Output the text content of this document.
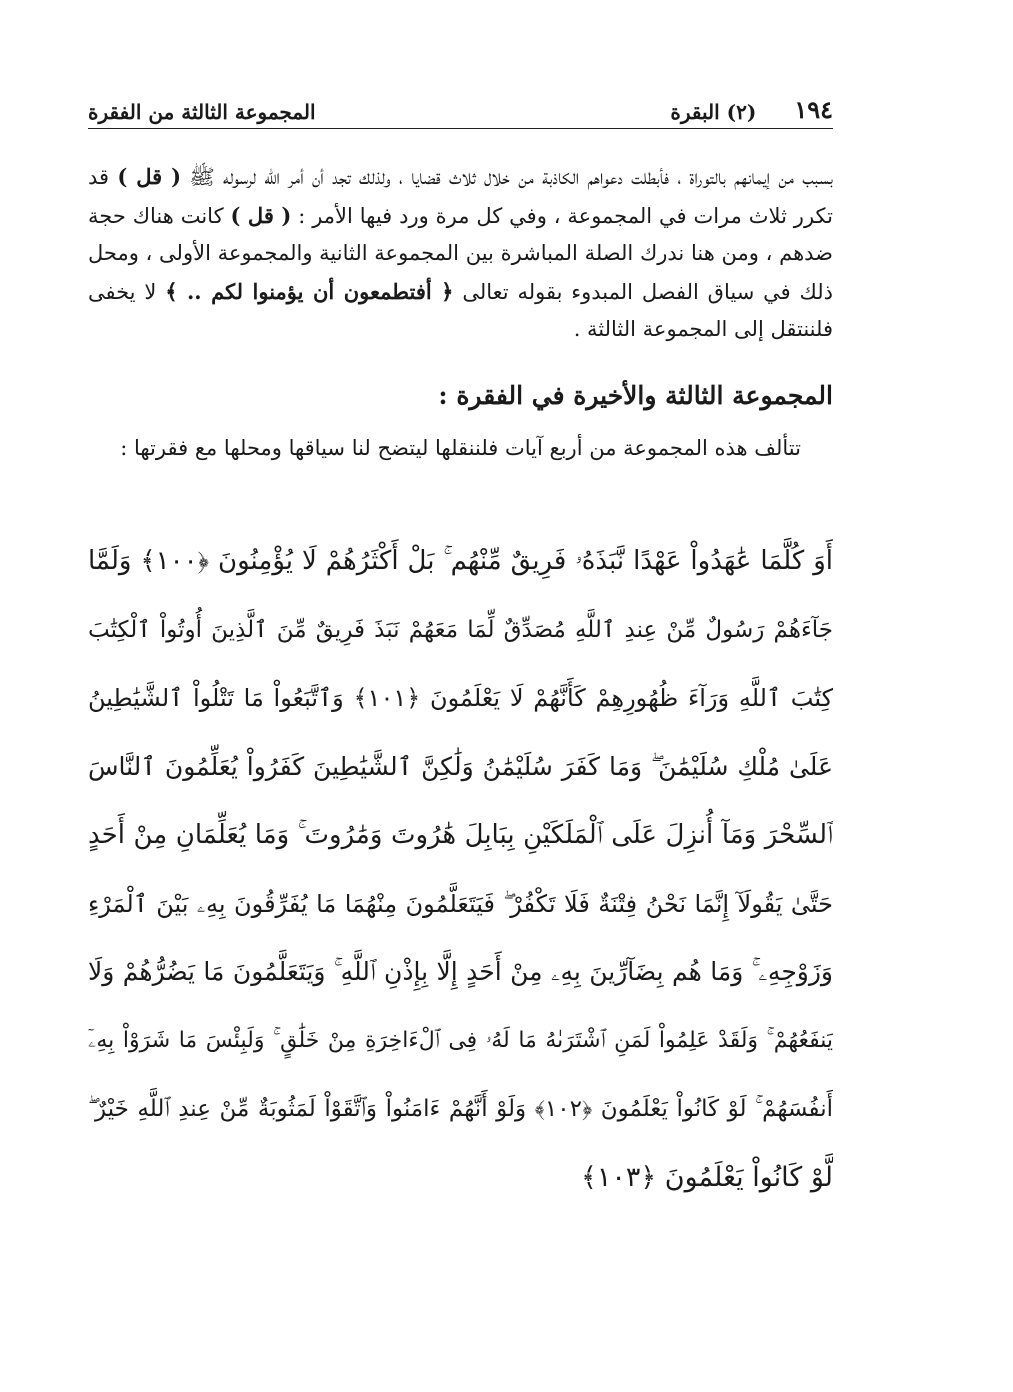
١٩٤
(٢) البقرة
المجموعة الثالثة من الفقرة

بسبب من إيمانهم بالتوراة ، فأبطلت دعواهم الكاذبة من خلال ثلاث قضايا ، ولذلك تجد أن أمر الله لرسوله ﷺ ( قل ) قد تكرر ثلاث مرات في المجموعة ، وفي كل مرة ورد فيها الأمر : ( قل ) كانت هناك حجة ضدهم ، ومن هنا ندرك الصلة المباشرة بين المجموعة الثانية والمجموعة الأولى ، ومحل ذلك في سياق الفصل المبدوء بقوله تعالى ﴿ أفتطمعون أن يؤمنوا لكم .. ﴾ لا يخفى فلننتقل إلى المجموعة الثالثة .

المجموعة الثالثة والأخيرة في الفقرة :
تتألف هذه المجموعة من أربع آيات فلننقلها ليتضح لنا سياقها ومحلها مع فقرتها :
أَوَ كُلَّمَا عَٰهَدُواْ عَهْدًا نَّبَذَهُۥ فَرِيقٌ مِّنْهُم ۚ بَلْ أَكْثَرُهُمْ لَا يُؤْمِنُونَ ﴿١٠٠﴾ وَلَمَّا
جَآءَهُمْ رَسُولٌ مِّنْ عِندِ ٱللَّهِ مُصَدِّقٌ لِّمَا مَعَهُمْ نَبَذَ فَرِيقٌ مِّنَ ٱلَّذِينَ أُوتُواْ ٱلْكِتَٰبَ
كِتَٰبَ ٱللَّهِ وَرَآءَ ظُهُورِهِمْ كَأَنَّهُمْ لَا يَعْلَمُونَ ﴿١٠١﴾ وَٱتَّبَعُواْ مَا تَتْلُواْ ٱلشَّيَٰطِينُ
عَلَىٰ مُلْكِ سُلَيْمَٰنَ ۖ وَمَا كَفَرَ سُلَيْمَٰنُ وَلَٰكِنَّ ٱلشَّيَٰطِينَ كَفَرُواْ يُعَلِّمُونَ ٱلنَّاسَ
ٱلسِّحْرَ وَمَآ أُنزِلَ عَلَى ٱلْمَلَكَيْنِ بِبَابِلَ هَٰرُوتَ وَمَٰرُوتَ ۚ وَمَا يُعَلِّمَانِ مِنْ أَحَدٍ
حَتَّىٰ يَقُولَآ إِنَّمَا نَحْنُ فِتْنَةٌ فَلَا تَكْفُرْ ۖ فَيَتَعَلَّمُونَ مِنْهُمَا مَا يُفَرِّقُونَ بِهِۦ بَيْنَ ٱلْمَرْءِ
وَزَوْجِهِۦ ۚ وَمَا هُم بِضَآرِّينَ بِهِۦ مِنْ أَحَدٍ إِلَّا بِإِذْنِ ٱللَّهِ ۚ وَيَتَعَلَّمُونَ مَا يَضُرُّهُمْ وَلَا
يَنفَعُهُمْ ۚ وَلَقَدْ عَلِمُواْ لَمَنِ ٱشْتَرَىٰهُ مَا لَهُۥ فِى ٱلْءَاخِرَةِ مِنْ خَلَٰقٍ ۚ وَلَبِئْسَ مَا شَرَوْاْ بِهِۦٓ
أَنفُسَهُمْ ۚ لَوْ كَانُواْ يَعْلَمُونَ ﴿١٠٢﴾ وَلَوْ أَنَّهُمْ ءَامَنُواْ وَٱتَّقَوْاْ لَمَثُوبَةٌ مِّنْ عِندِ ٱللَّهِ خَيْرٌ ۖ
لَّوْ كَانُواْ يَعْلَمُونَ ﴿١٠٣﴾
